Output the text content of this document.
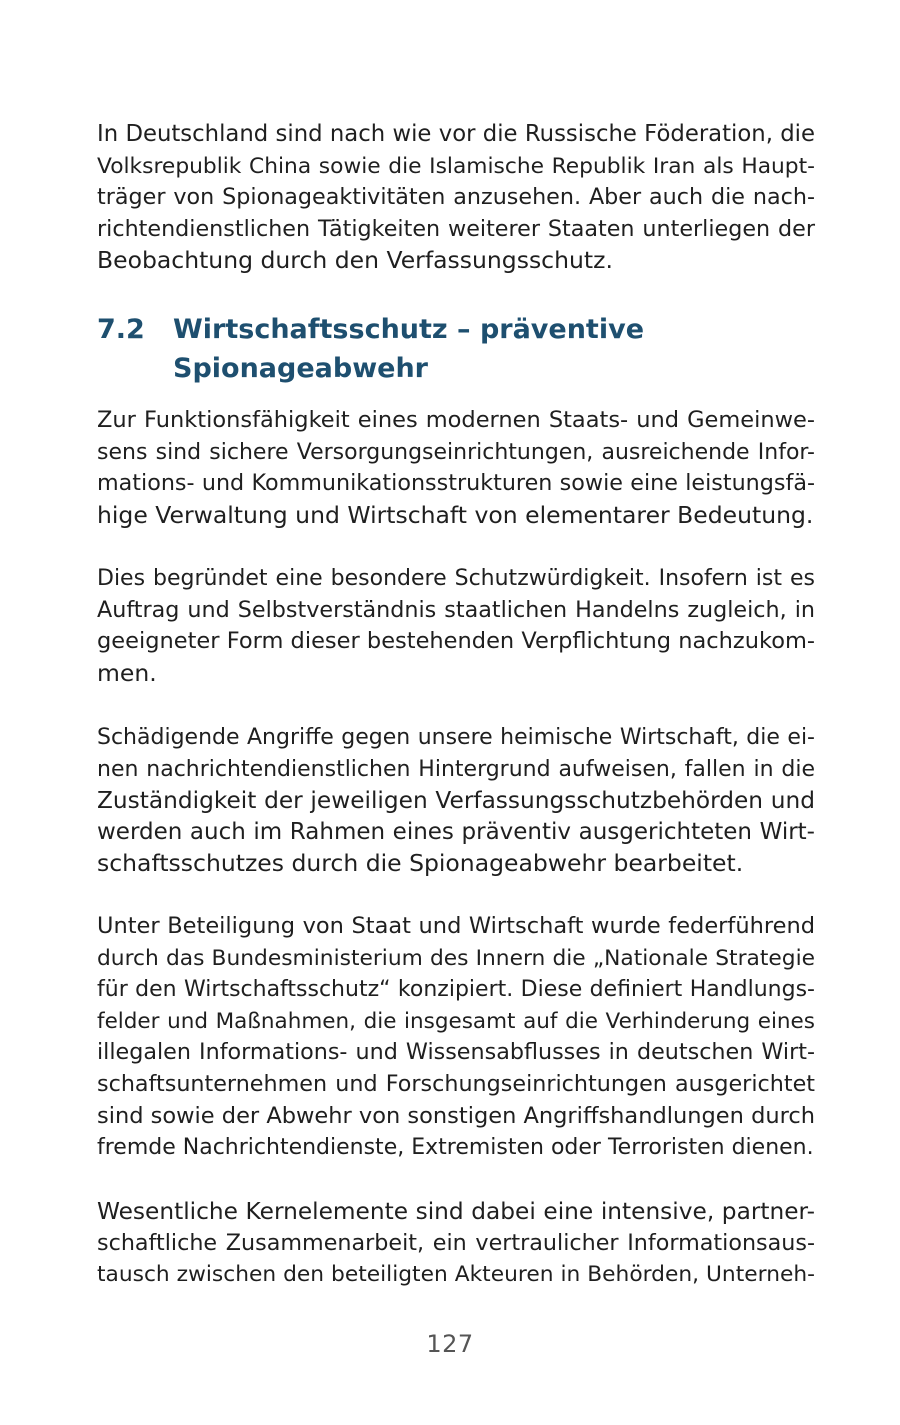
In Deutschland sind nach wie vor die Russische Föderation, die
Volksrepublik China sowie die Islamische Republik Iran als Haupt-
träger von Spionageaktivitäten anzusehen. Aber auch die nach-
richtendienstlichen Tätigkeiten weiterer Staaten unterliegen der
Beobachtung durch den Verfassungsschutz.
7.2 Wirtschaftsschutz – präventive
Spionageabwehr
Zur Funktionsfähigkeit eines modernen Staats- und Gemeinwe-
sens sind sichere Versorgungseinrichtungen, ausreichende Infor-
mations- und Kommunikationsstrukturen sowie eine leistungsfä-
hige Verwaltung und Wirtschaft von elementarer Bedeutung.
Dies begründet eine besondere Schutzwürdigkeit. Insofern ist es
Auftrag und Selbstverständnis staatlichen Handelns zugleich, in
geeigneter Form dieser bestehenden Verpflichtung nachzukom-
men.
Schädigende Angriffe gegen unsere heimische Wirtschaft, die ei-
nen nachrichtendienstlichen Hintergrund aufweisen, fallen in die
Zuständigkeit der jeweiligen Verfassungsschutzbehörden und
werden auch im Rahmen eines präventiv ausgerichteten Wirt-
schaftsschutzes durch die Spionageabwehr bearbeitet.
Unter Beteiligung von Staat und Wirtschaft wurde federführend
durch das Bundesministerium des Innern die „Nationale Strategie
für den Wirtschaftsschutz“ konzipiert. Diese definiert Handlungs-
felder und Maßnahmen, die insgesamt auf die Verhinderung eines
illegalen Informations- und Wissensabflusses in deutschen Wirt-
schaftsunternehmen und Forschungseinrichtungen ausgerichtet
sind sowie der Abwehr von sonstigen Angriffshandlungen durch
fremde Nachrichtendienste, Extremisten oder Terroristen dienen.
Wesentliche Kernelemente sind dabei eine intensive, partner-
schaftliche Zusammenarbeit, ein vertraulicher Informationsaus-
tausch zwischen den beteiligten Akteuren in Behörden, Unterneh-
127
